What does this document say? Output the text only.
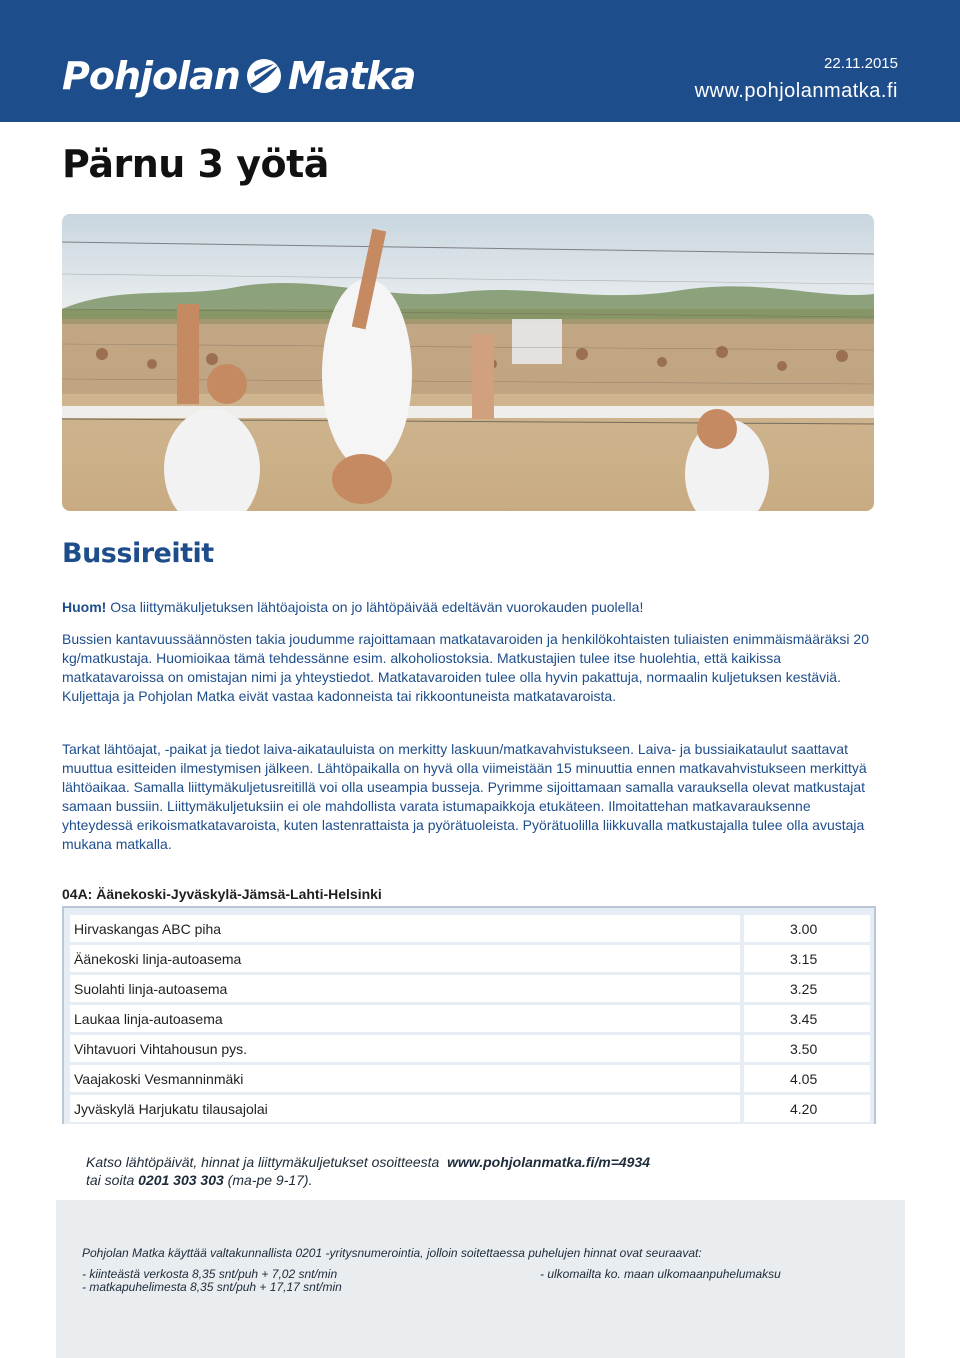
Pohjolan Matka	22.11.2015
www.pohjolanmatka.fi
Pärnu 3 yötä
Bussireitit
Huom! Osa liittymäkuljetuksen lähtöajoista on jo lähtöpäivää edeltävän vuorokauden puolella!
Bussien kantavuussäännösten takia joudumme rajoittamaan matkatavaroiden ja henkilökohtaisten tuliaisten enimmäismääräksi 20 kg/matkustaja. Huomioikaa tämä tehdessänne esim. alkoholiostoksia. Matkustajien tulee itse huolehtia, että kaikissa matkatavaroissa on omistajan nimi ja yhteystiedot. Matkatavaroiden tulee olla hyvin pakattuja, normaalin kuljetuksen kestäviä. Kuljettaja ja Pohjolan Matka eivät vastaa kadonneista tai rikkoontuneista matkatavaroista.
Tarkat lähtöajat, -paikat ja tiedot laiva-aikatauluista on merkitty laskuun/matkavahvistukseen. Laiva- ja bussiaikataulut saattavat muuttua esitteiden ilmestymisen jälkeen. Lähtöpaikalla on hyvä olla viimeistään 15 minuuttia ennen matkavahvistukseen merkittyä lähtöaikaa. Samalla liittymäkuljetusreitillä voi olla useampia busseja. Pyrimme sijoittamaan samalla varauksella olevat matkustajat samaan bussiin. Liittymäkuljetuksiin ei ole mahdollista varata istumapaikkoja etukäteen. Ilmoitattehan matkavarauksenne yhteydessä erikoismatkatavaroista, kuten lastenrattaista ja pyörätuoleista. Pyörätuolilla liikkuvalla matkustajalla tulee olla avustaja mukana matkalla.
04A: Äänekoski-Jyväskylä-Jämsä-Lahti-Helsinki
Hirvaskangas ABC piha		3.00
Äänekoski linja-autoasema		3.15
Suolahti linja-autoasema		3.25
Laukaa linja-autoasema		3.45
Vihtavuori Vihtahousun pys.		3.50
Vaajakoski Vesmanninmäki		4.05
Jyväskylä Harjukatu tilausajolai		4.20
Katso lähtöpäivät, hinnat ja liittymäkuljetukset osoitteesta www.pohjolanmatka.fi/m=4934
tai soita 0201 303 303 (ma-pe 9-17).
Pohjolan Matka käyttää valtakunnallista 0201 -yritysnumerointia, jolloin soitettaessa puhelujen hinnat ovat seuraavat:
- kiinteästä verkosta 8,35 snt/puh + 7,02 snt/min
- matkapuhelimesta 8,35 snt/puh + 17,17 snt/min
- ulkomailta ko. maan ulkomaanpuhelumaksu
